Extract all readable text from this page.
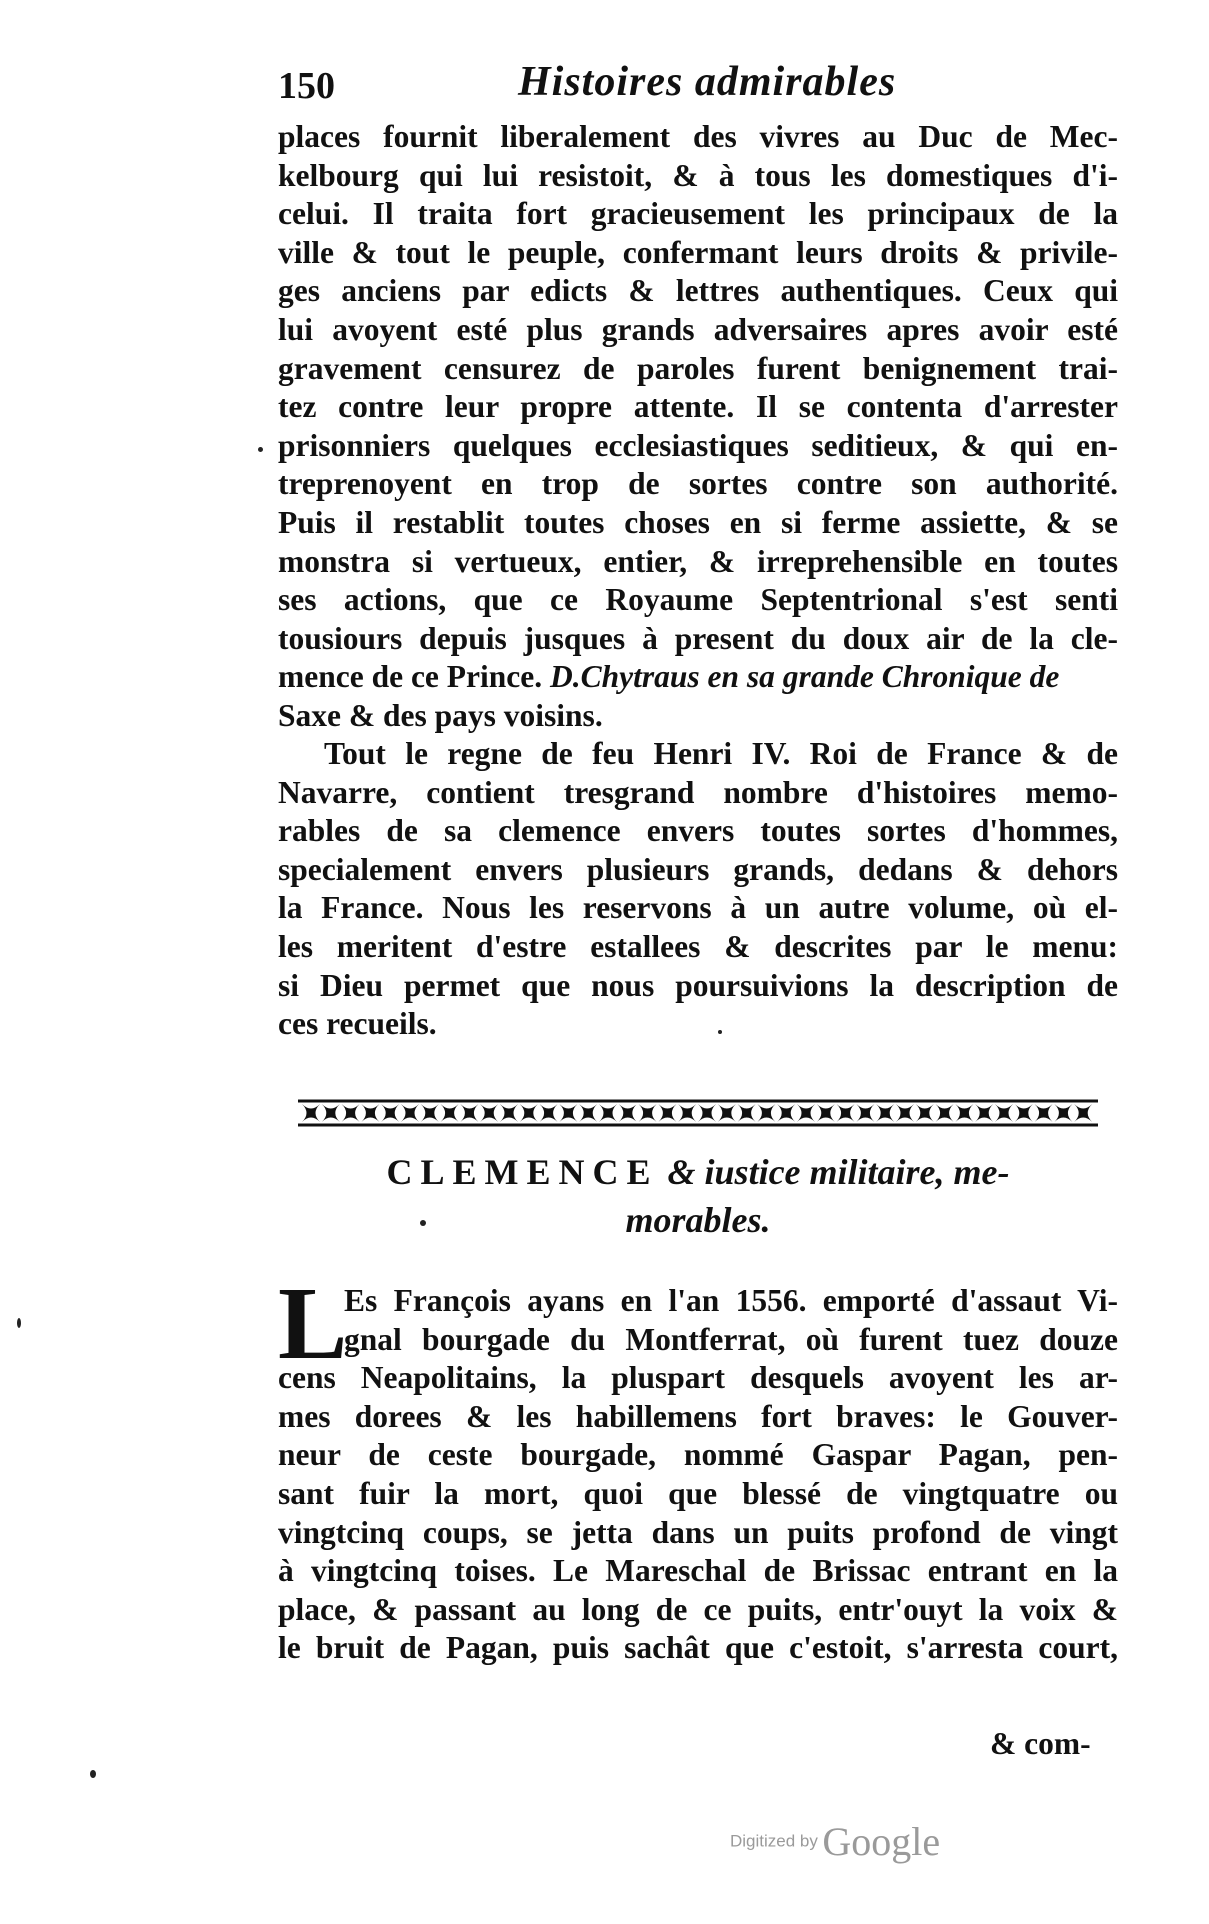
150	Histoires admirables
places fournit liberalement des vivres au Duc de Mec-
kelbourg qui lui resistoit, & à tous les domestiques d'i-
celui. Il traita fort gracieusement les principaux de la
ville & tout le peuple, confermant leurs droits & privile-
ges anciens par edicts & lettres authentiques. Ceux qui
lui avoyent esté plus grands adversaires apres avoir esté
gravement censurez de paroles furent benignement trai-
tez contre leur propre attente. Il se contenta d'arrester
prisonniers quelques ecclesiastiques seditieux, & qui en-
treprenoyent en trop de sortes contre son authorité.
Puis il restablit toutes choses en si ferme assiette, & se
monstra si vertueux, entier, & irreprehensible en toutes
ses actions, que ce Royaume Septentrional s'est senti
tousiours depuis jusques à present du doux air de la cle-
mence de ce Prince. D.Chytraus en sa grande Chronique de
Saxe & des pays voisins.
Tout le regne de feu Henri IV. Roi de France & de
Navarre, contient tresgrand nombre d'histoires memo-
rables de sa clemence envers toutes sortes d'hommes,
specialement envers plusieurs grands, dedans & dehors
la France. Nous les reservons à un autre volume, où el-
les meritent d'estre estallees & descrites par le menu:
si Dieu permet que nous poursuivions la description de
ces recueils.
CLEMENCE & iustice militaire, me-
morables.
L
Es François ayans en l'an 1556. emporté d'assaut Vi-
gnal bourgade du Montferrat, où furent tuez douze
cens Neapolitains, la pluspart desquels avoyent les ar-
mes dorees & les habillemens fort braves: le Gouver-
neur de ceste bourgade, nommé Gaspar Pagan, pen-
sant fuir la mort, quoi que blessé de vingtquatre ou
vingtcinq coups, se jetta dans un puits profond de vingt
à vingtcinq toises. Le Mareschal de Brissac entrant en la
place, & passant au long de ce puits, entr'ouyt la voix &
le bruit de Pagan, puis sachât que c'estoit, s'arresta court,
& com-
Digitized by Google
